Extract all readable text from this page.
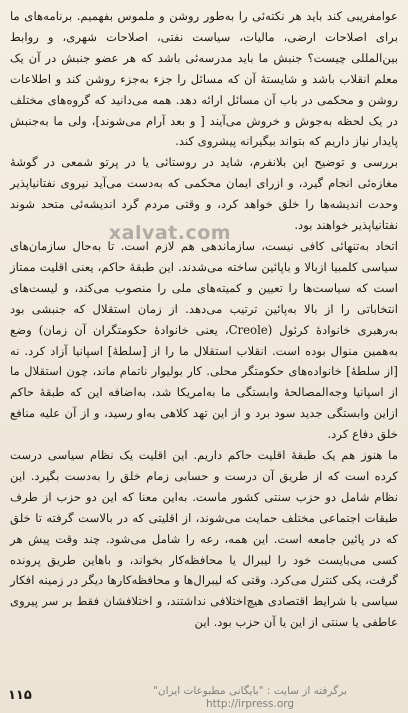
عوامفریبی کند باید هر نکته‌ئی را به‌طور روشن و ملموس بفهمیم. برنامه‌های ما برای اصلاحات ارضی، مالیات، سیاست نفتی، اصلاحات شهری، و روابط بین‌المللی چیست؟ جنبش ما باید مدرسه‌ئی باشد که هر عضو جنبش در آن یک معلم انقلاب باشد و شایستهٔ آن که مسائل را جزء به‌جزء روشن کند و اطلاعات روشن و محکمی در باب آن مسائل ارائه دهد. همه می‌دانید که گروه‌های مختلف در یک لحظه به‌جوش و خروش می‌آیند [ و بعد آرام می‌شوند]، ولی ما به‌جنبش پایدار نیاز داریم که بتواند بیگیرانه پیشروی کند.

بررسی و توضیح این بلانفرم، شاید در روستائی یا در پرتو شمعی در گوشهٔ مغازه‌ئی انجام گیرد، و ازرای ایمان محکمی که به‌دست می‌آید نیروی نفتانیاپذیر وحدت اندیشه‌ها را خلق خواهد کرد، و وقتی مردم گرد اندیشه‌ئی متحد شوند نفتانیاپذیر خواهند بود.

اتحاد به‌تنهائی کافی نیست، سازماندهی هم لازم است. تا به‌حال سازمان‌های سیاسی کلمبیا ازبالا و باپائین ساخته می‌شدند. این طبقهٔ حاکم، یعنی اقلیت ممتاز است که سیاست‌ها را تعیین و کمیته‌های ملی را منصوب می‌کند، و لیست‌های انتخاباتی را از بالا به‌پائین ترتیب می‌دهد. از زمان استقلال که جنبشی بود به‌رهبری خانوادهٔ کرئول (Creole، یعنی خانوادهٔ حکومتگران آن زمان) وضع به‌همین منوال بوده است. انقلاب استقلال ما را از [سلطهٔ] اسپانیا آزاد کرد. نه [از سلطهٔ] خانواده‌های حکومتگر محلی. کار بولیوار ناتمام ماند، چون استقلال ما از اسپانیا وجه‌المصالحهٔ وابستگی ما به‌امریکا شد، به‌اضافه این که طبقهٔ حاکم ازاین وابستگی جدید سود برد و از این تهد کلاهی به‌او رسید، و از آن علیه منافع خلق دفاع کرد.

ما هنوز هم یک طبقهٔ اقلیت حاکم داریم. این اقلیت یک نظام سیاسی درست کرده است که از طریق آن درست و حسابی زمام خلق را به‌دست بگیرد. این نظام شامل دو حزب سنتی کشور ماست. به‌این معنا که این دو حزب از طرف طبقات اجتماعی مختلف حمایت می‌شوند، از اقلیتی که در بالاست گرفته تا خلق که در پائین جامعه است. این همه، رعه را شامل می‌شود. چند وقت پیش هر کسی می‌بایست خود را لیبرال یا محافظه‌کار بخواند، و باهاین طریق پرونده گرفت، یکی کنترل می‌کرد. وقتی که لیبرال‌ها و محافظه‌کارها دیگر در زمینه افکار سیاسی با شرایط اقتصادی هیچ‌اختلافی نداشتند، و اختلافشان فقط بر سر پیروی عاطفی یا سنتی از این یا آن حزب بود. این

xalvat.com
۱۱۵	برگرفته از سایت : "بایگانی مطبوعات ایران"
http://irpress.org
